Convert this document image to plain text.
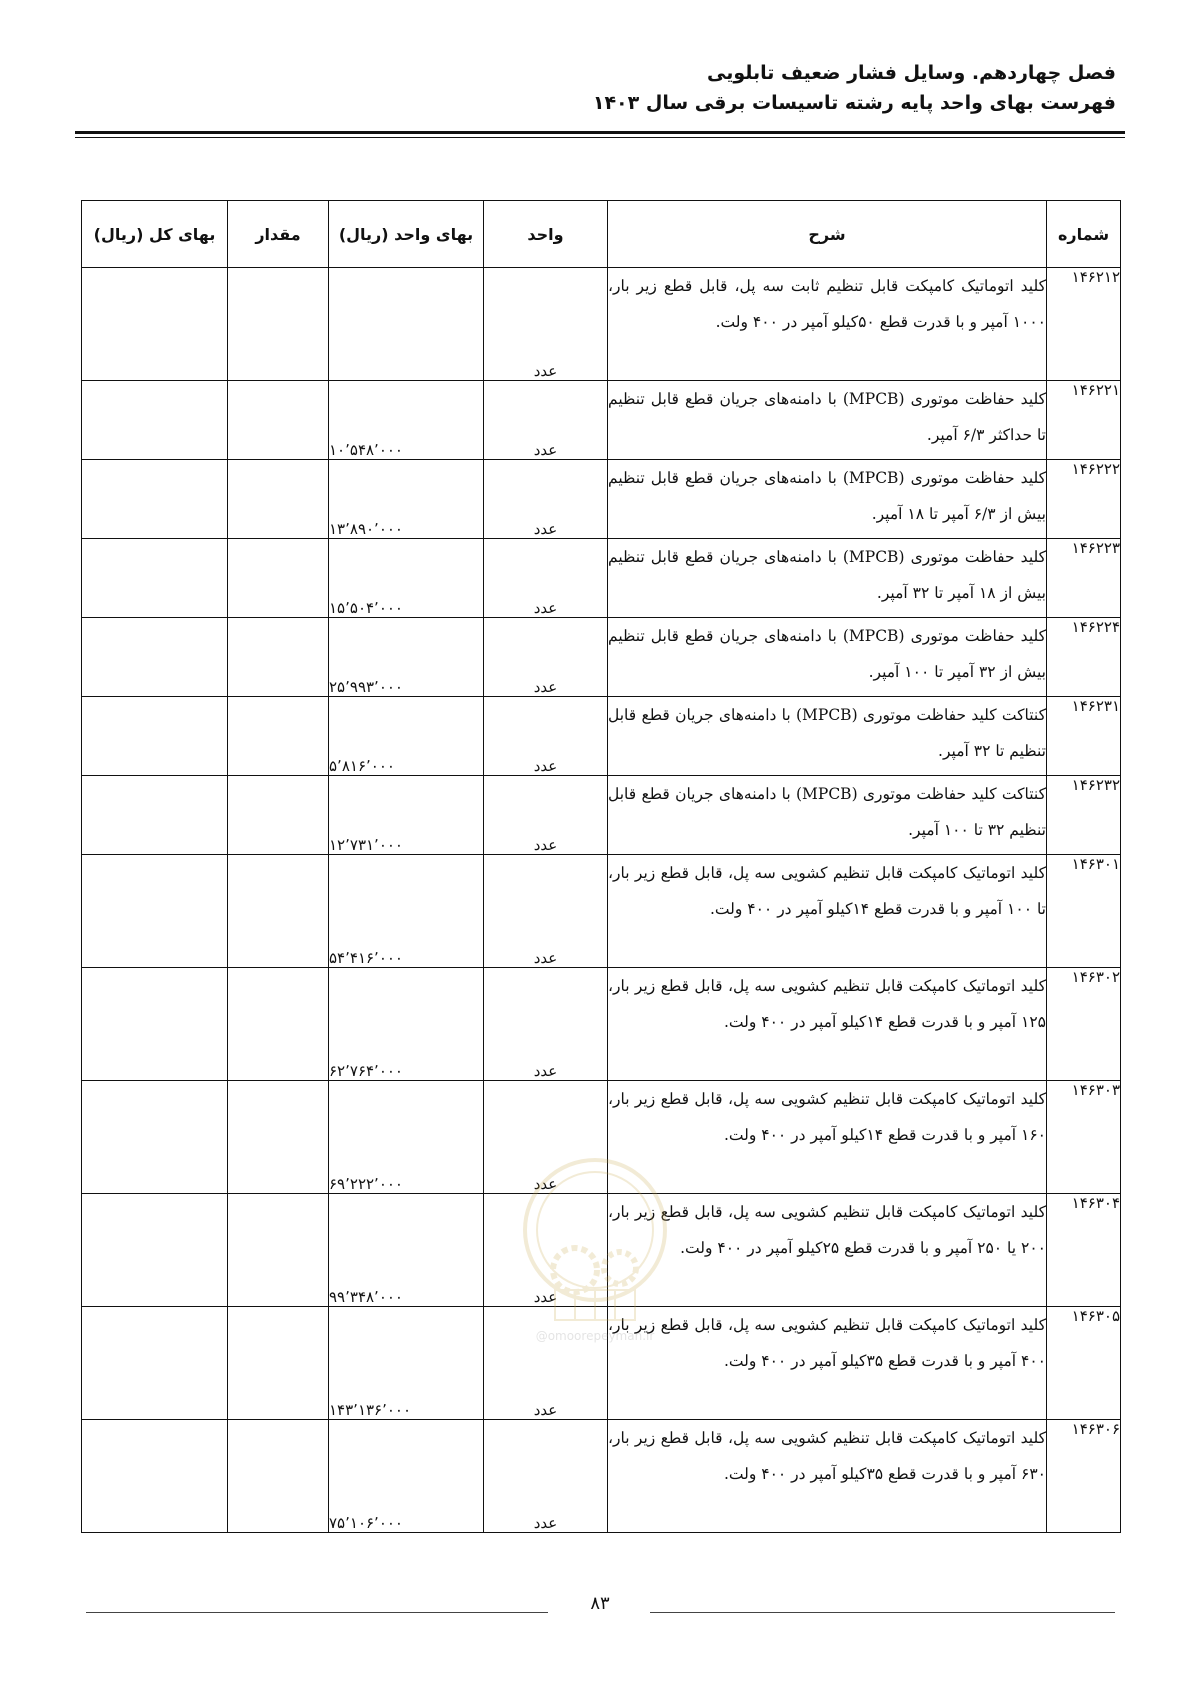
فصل چهاردهم. وسایل فشار ضعیف تابلویی
فهرست بهای واحد پایه رشته تاسیسات برقی سال ۱۴۰۳
شماره	شرح	واحد	بهای واحد (ریال)	مقدار	بهای کل (ریال)
۱۴۶۲۱۲	کلید اتوماتیک کامپکت قابل تنظیم ثابت سه پل، قابل قطع زیر بار، ۱۰۰۰ آمپر و با قدرت قطع ۵۰کیلو آمپر در ۴۰۰ ولت.	عدد			
۱۴۶۲۲۱	کلید حفاظت موتوری (MPCB) با دامنه‌های جریان قطع قابل تنظیم تا حداکثر ۶/۳ آمپر.	عدد	۱۰٬۵۴۸٬۰۰۰		
۱۴۶۲۲۲	کلید حفاظت موتوری (MPCB) با دامنه‌های جریان قطع قابل تنظیم بیش از ۶/۳ آمپر تا ۱۸ آمپر.	عدد	۱۳٬۸۹۰٬۰۰۰		
۱۴۶۲۲۳	کلید حفاظت موتوری (MPCB) با دامنه‌های جریان قطع قابل تنظیم بیش از ۱۸ آمپر تا ۳۲ آمپر.	عدد	۱۵٬۵۰۴٬۰۰۰		
۱۴۶۲۲۴	کلید حفاظت موتوری (MPCB) با دامنه‌های جریان قطع قابل تنظیم بیش از ۳۲ آمپر تا ۱۰۰ آمپر.	عدد	۲۵٬۹۹۳٬۰۰۰		
۱۴۶۲۳۱	کنتاکت کلید حفاظت موتوری (MPCB) با دامنه‌های جریان قطع قابل تنظیم تا ۳۲ آمپر.	عدد	۵٬۸۱۶٬۰۰۰		
۱۴۶۲۳۲	کنتاکت کلید حفاظت موتوری (MPCB) با دامنه‌های جریان قطع قابل تنظیم ۳۲ تا ۱۰۰ آمپر.	عدد	۱۲٬۷۳۱٬۰۰۰		
۱۴۶۳۰۱	کلید اتوماتیک کامپکت قابل تنظیم کشویی سه پل، قابل قطع زیر بار، تا ۱۰۰ آمپر و با قدرت قطع ۱۴کیلو آمپر در ۴۰۰ ولت.	عدد	۵۴٬۴۱۶٬۰۰۰		
۱۴۶۳۰۲	کلید اتوماتیک کامپکت قابل تنظیم کشویی سه پل، قابل قطع زیر بار، ۱۲۵ آمپر و با قدرت قطع ۱۴کیلو آمپر در ۴۰۰ ولت.	عدد	۶۲٬۷۶۴٬۰۰۰		
۱۴۶۳۰۳	کلید اتوماتیک کامپکت قابل تنظیم کشویی سه پل، قابل قطع زیر بار، ۱۶۰ آمپر و با قدرت قطع ۱۴کیلو آمپر در ۴۰۰ ولت.	عدد	۶۹٬۲۲۲٬۰۰۰		
۱۴۶۳۰۴	کلید اتوماتیک کامپکت قابل تنظیم کشویی سه پل، قابل قطع زیر بار، ۲۰۰ یا ۲۵۰ آمپر و با قدرت قطع ۲۵کیلو آمپر در ۴۰۰ ولت.	عدد	۹۹٬۳۴۸٬۰۰۰		
۱۴۶۳۰۵	کلید اتوماتیک کامپکت قابل تنظیم کشویی سه پل، قابل قطع زیر بار، ۴۰۰ آمپر و با قدرت قطع ۳۵کیلو آمپر در ۴۰۰ ولت.	عدد	۱۴۳٬۱۳۶٬۰۰۰		
۱۴۶۳۰۶	کلید اتوماتیک کامپکت قابل تنظیم کشویی سه پل، قابل قطع زیر بار، ۶۳۰ آمپر و با قدرت قطع ۳۵کیلو آمپر در ۴۰۰ ولت.	عدد	۷۵٬۱۰۶٬۰۰۰		
@omoorepeyman.ir
۸۳
